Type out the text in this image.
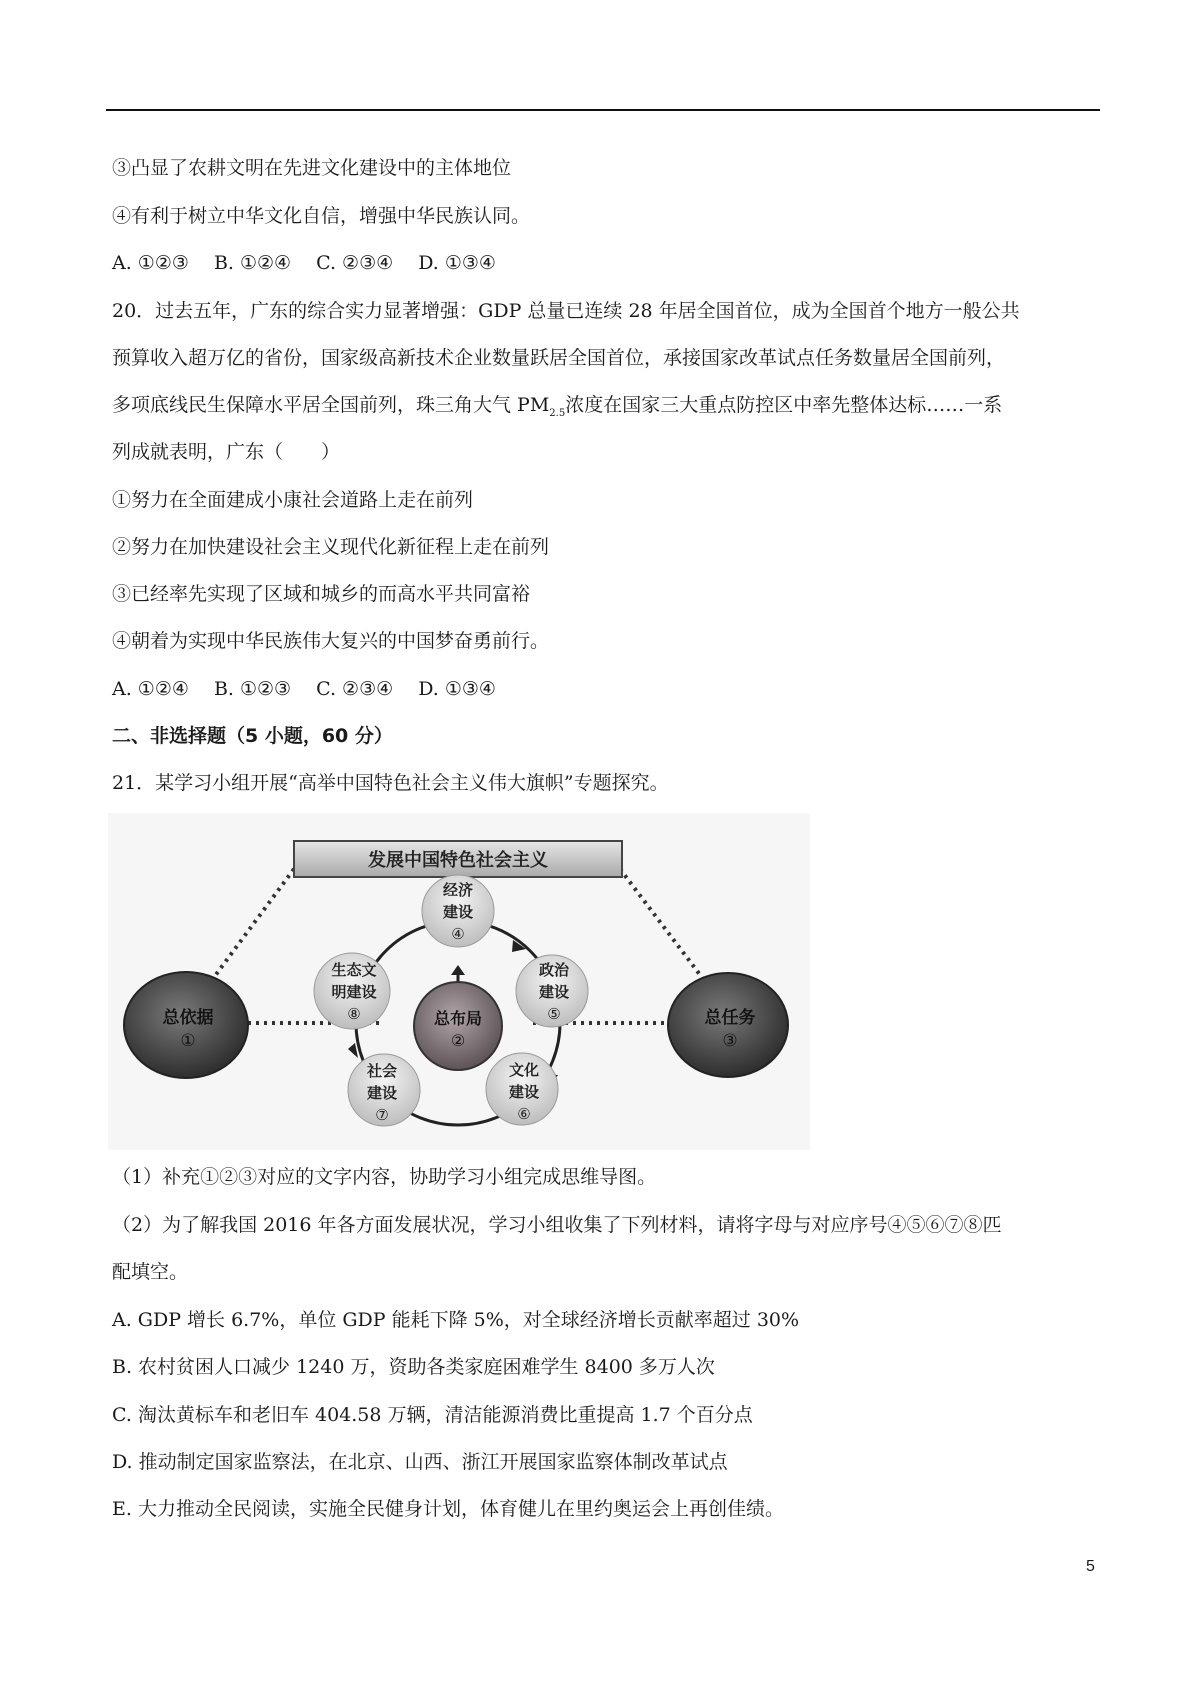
③凸显了农耕文明在先进文化建设中的主体地位
④有利于树立中华文化自信，增强中华民族认同。
A. ①②③　 B. ①②④　 C. ②③④　 D. ①③④
20．过去五年，广东的综合实力显著增强：GDP 总量已连续 28 年居全国首位，成为全国首个地方一般公共
预算收入超万亿的省份，国家级高新技术企业数量跃居全国首位，承接国家改革试点任务数量居全国前列，
多项底线民生保障水平居全国前列，珠三角大气 $PM_{2.5}$浓度在国家三大重点防控区中率先整体达标……一系
列成就表明，广东（　　）
①努力在全面建成小康社会道路上走在前列
②努力在加快建设社会主义现代化新征程上走在前列
③已经率先实现了区域和城乡的而高水平共同富裕
④朝着为实现中华民族伟大复兴的中国梦奋勇前行。
A. ①②④　 B. ①②③　 C. ②③④　 D. ①③④
二、非选择题（5 小题，60 分）
21．某学习小组开展“高举中国特色社会主义伟大旗帜”专题探究。
发展中国特色社会主义
总依据
①
总任务
③
总布局
②
经济
建设
④
政治
建设
⑤
文化
建设
⑥
社会
建设
⑦
生态文
明建设
⑧
（1）补充①②③对应的文字内容，协助学习小组完成思维导图。
（2）为了解我国 2016 年各方面发展状况，学习小组收集了下列材料，请将字母与对应序号④⑤⑥⑦⑧匹
配填空。
A. GDP 增长 6.7%，单位 GDP 能耗下降 5%，对全球经济增长贡献率超过 30%
B. 农村贫困人口减少 1240 万，资助各类家庭困难学生 8400 多万人次
C. 淘汰黄标车和老旧车 404.58 万辆，清洁能源消费比重提高 1.7 个百分点
D. 推动制定国家监察法，在北京、山西、浙江开展国家监察体制改革试点
E. 大力推动全民阅读，实施全民健身计划，体育健儿在里约奥运会上再创佳绩。
5
